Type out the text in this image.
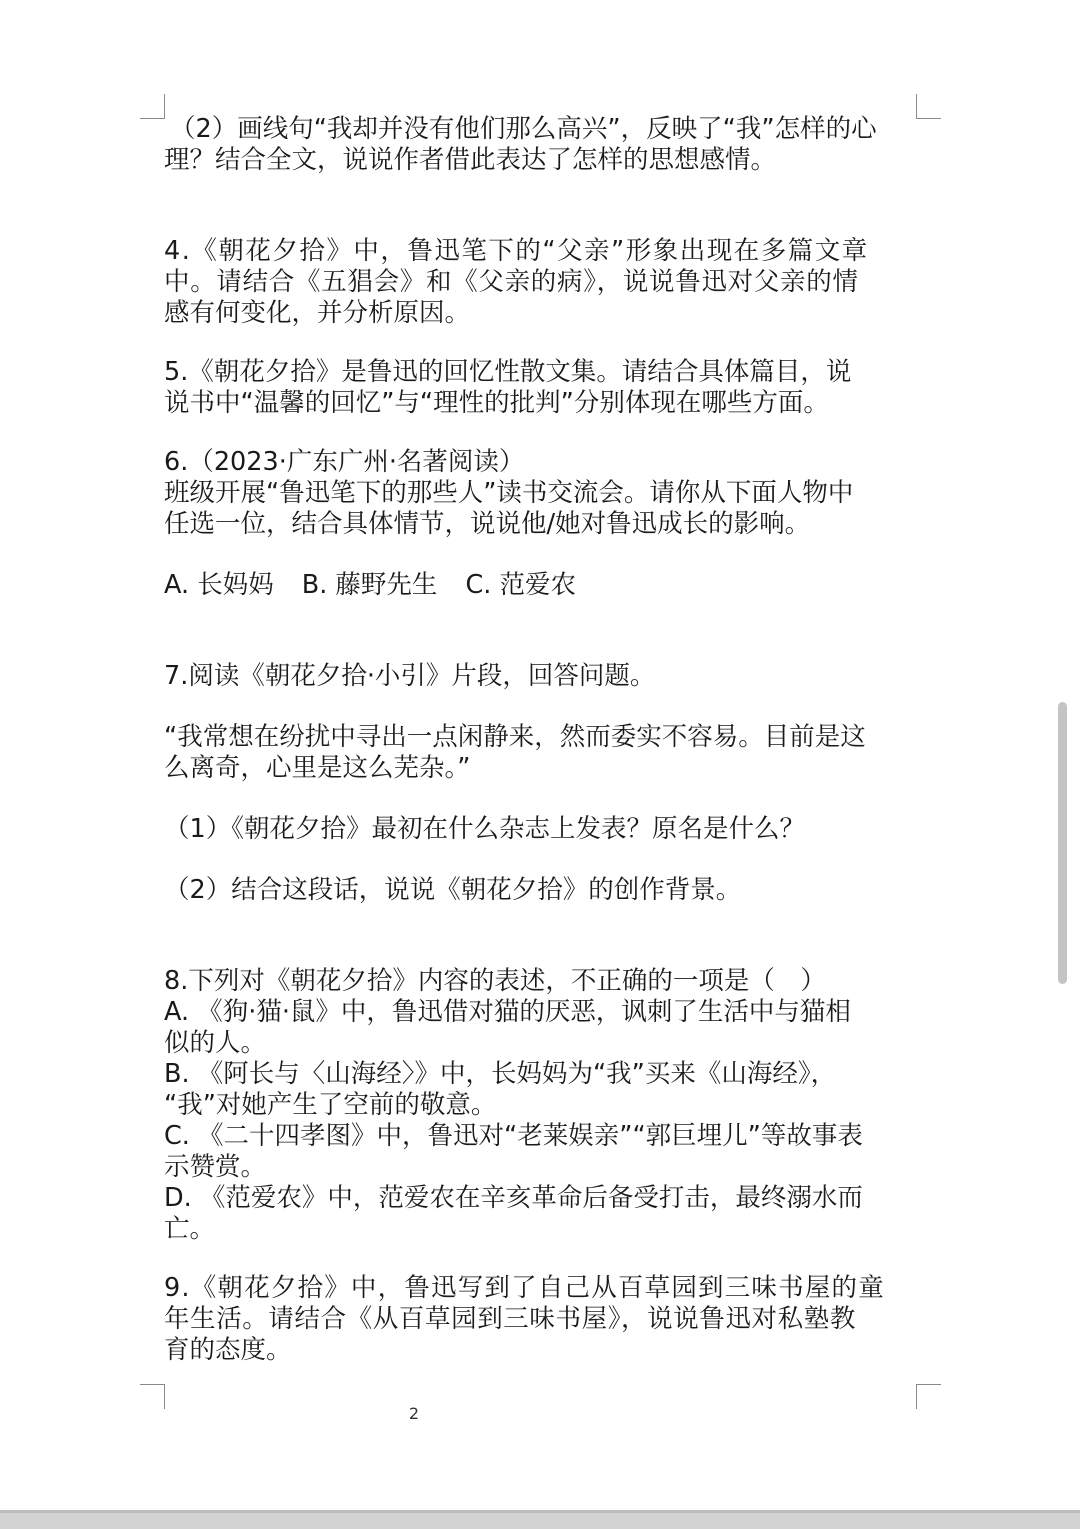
（2）画线句“我却并没有他们那么高兴”，反映了“我”怎样的心

理？结合全文，说说作者借此表达了怎样的思想感情。

4.《朝花夕拾》中，鲁迅笔下的“父亲”形象出现在多篇文章

中。请结合《五猖会》和《父亲的病》，说说鲁迅对父亲的情

感有何变化，并分析原因。

5.《朝花夕拾》是鲁迅的回忆性散文集。请结合具体篇目，说

说书中“温馨的回忆”与“理性的批判”分别体现在哪些方面。

6.（2023·广东广州·名著阅读）

班级开展“鲁迅笔下的那些人”读书交流会。请你从下面人物中

任选一位，结合具体情节，说说他/她对鲁迅成长的影响。

A. 长妈妈 B. 藤野先生 C. 范爱农

7.阅读《朝花夕拾·小引》片段，回答问题。

“我常想在纷扰中寻出一点闲静来，然而委实不容易。目前是这

么离奇，心里是这么芜杂。”

（1）《朝花夕拾》最初在什么杂志上发表？原名是什么？

（2）结合这段话，说说《朝花夕拾》的创作背景。

8.下列对《朝花夕拾》内容的表述，不正确的一项是（　）

A. 《狗·猫·鼠》中，鲁迅借对猫的厌恶，讽刺了生活中与猫相

似的人。

B. 《阿长与〈山海经〉》中，长妈妈为“我”买来《山海经》，

“我”对她产生了空前的敬意。

C. 《二十四孝图》中，鲁迅对“老莱娱亲”“郭巨埋儿”等故事表

示赞赏。

D. 《范爱农》中，范爱农在辛亥革命后备受打击，最终溺水而

亡。

9.《朝花夕拾》中，鲁迅写到了自己从百草园到三味书屋的童

年生活。请结合《从百草园到三味书屋》，说说鲁迅对私塾教

育的态度。

2
